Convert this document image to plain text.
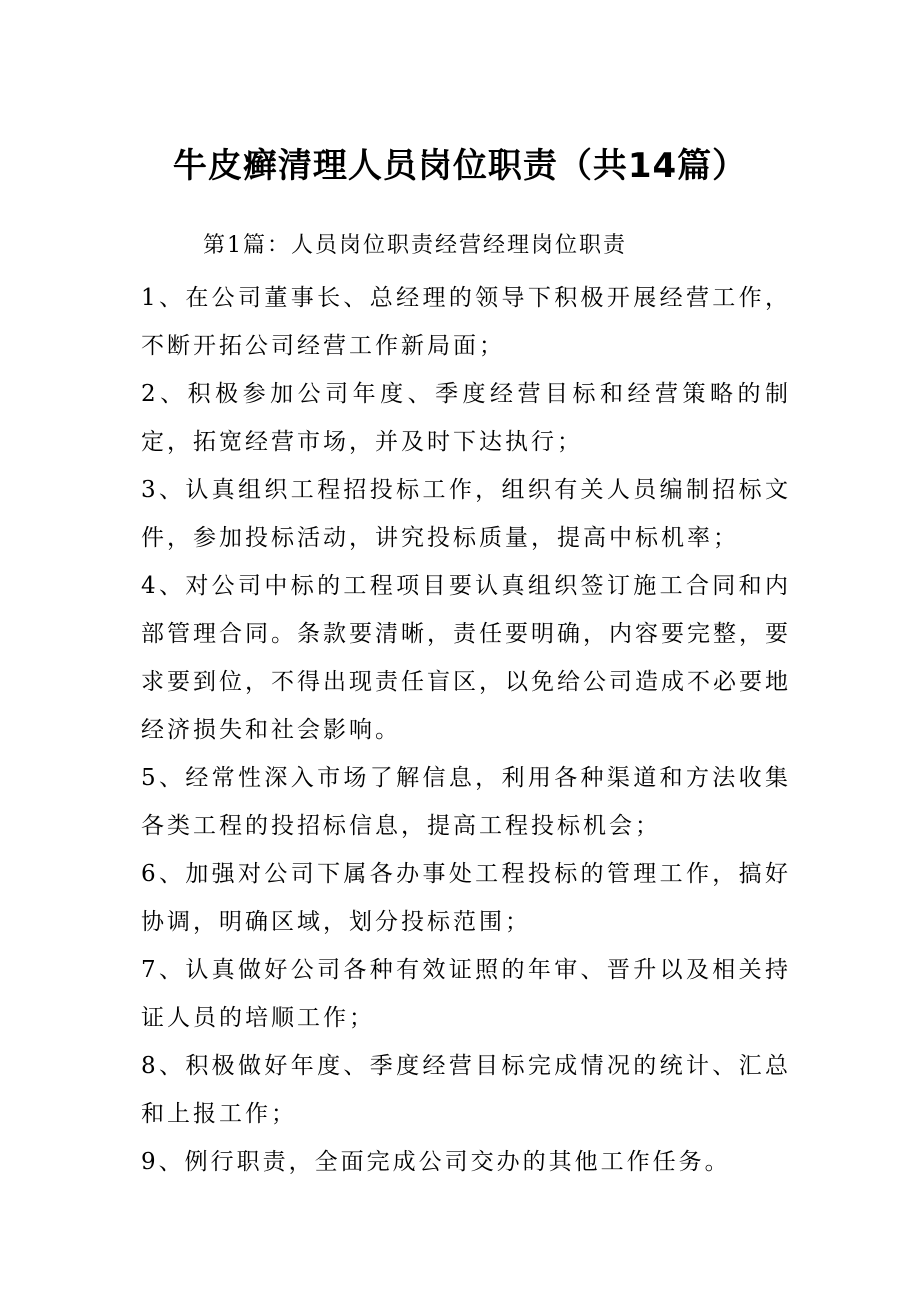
牛皮癣清理人员岗位职责（共14篇）
第1篇：人员岗位职责经营经理岗位职责

1、在公司董事长、总经理的领导下积极开展经营工作，不断开拓公司经营工作新局面；

2、积极参加公司年度、季度经营目标和经营策略的制定，拓宽经营市场，并及时下达执行；

3、认真组织工程招投标工作，组织有关人员编制招标文件，参加投标活动，讲究投标质量，提高中标机率；

4、对公司中标的工程项目要认真组织签订施工合同和内部管理合同。条款要清晰，责任要明确，内容要完整，要求要到位，不得出现责任盲区，以免给公司造成不必要地经济损失和社会影响。

5、经常性深入市场了解信息，利用各种渠道和方法收集各类工程的投招标信息，提高工程投标机会；

6、加强对公司下属各办事处工程投标的管理工作，搞好协调，明确区域，划分投标范围；

7、认真做好公司各种有效证照的年审、晋升以及相关持证人员的培顺工作；

8、积极做好年度、季度经营目标完成情况的统计、汇总和上报工作；

9、例行职责，全面完成公司交办的其他工作任务。
